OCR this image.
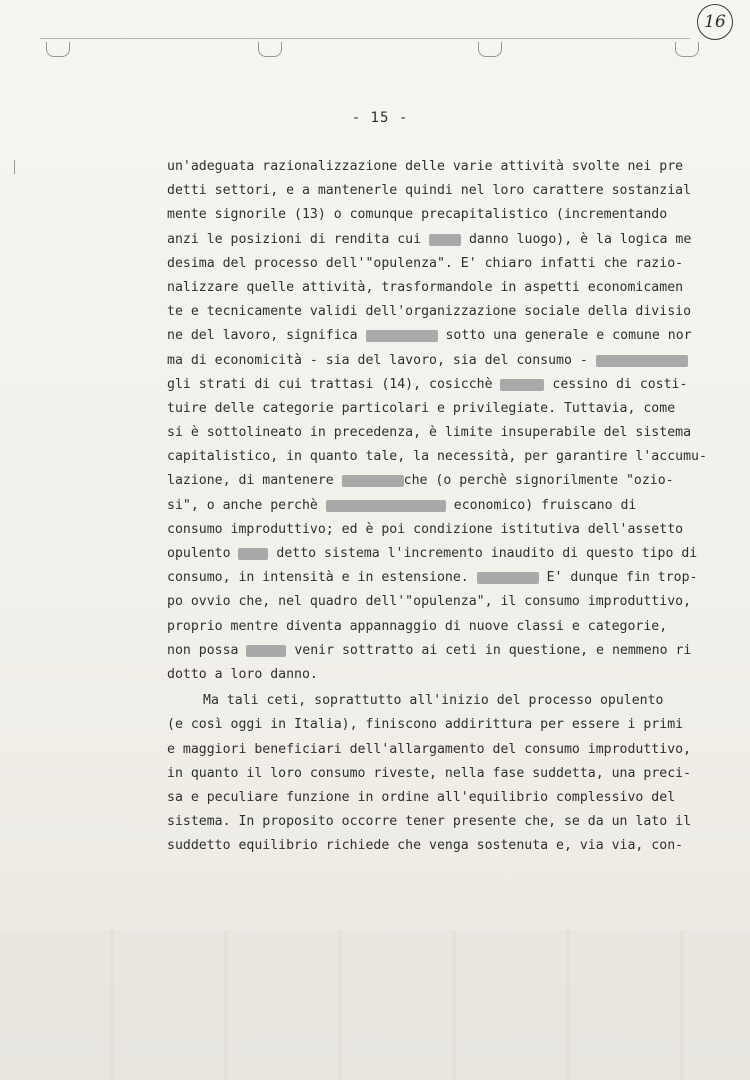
16
- 15 -
un'adeguata razionalizzazione delle varie attività svolte nei pre
detti settori, e a mantenerle quindi nel loro carattere sostanzial
mente signorile (13) o comunque precapitalistico (incrementando
anzi le posizioni di rendita cui	danno luogo), è la logica me
desima del processo dell'"opulenza". E' chiaro infatti che razio-
nalizzare quelle attività, trasformandole in aspetti economicamen
te e tecnicamente validi dell'organizzazione sociale della divisio
ne del lavoro, significa	sotto una generale e comune nor
ma di economicità - sia del lavoro, sia del consumo -
gli strati di cui trattasi (14), cosicchè	cessino di costi-
tuire delle categorie particolari e privilegiate. Tuttavia, come
si è sottolineato in precedenza, è limite insuperabile del sistema
capitalistico, in quanto tale, la necessità, per garantire l'accumu-
lazione, di mantenere	che (o perchè signorilmente "ozio-
si", o anche perchè	economico) fruiscano di
consumo improduttivo; ed è poi condizione istitutiva dell'assetto
opulento	detto sistema l'incremento inaudito di questo tipo di
consumo, in intensità e in estensione.	E' dunque fin trop-
po ovvio che, nel quadro dell'"opulenza", il consumo improduttivo,
proprio mentre diventa appannaggio di nuove classi e categorie,
non possa	venir sottratto ai ceti in questione, e nemmeno ri
dotto a loro danno.
Ma tali ceti, soprattutto all'inizio del processo opulento
(e così oggi in Italia), finiscono addirittura per essere i primi
e maggiori beneficiari dell'allargamento del consumo improduttivo,
in quanto il loro consumo riveste, nella fase suddetta, una preci-
sa e peculiare funzione in ordine all'equilibrio complessivo del
sistema. In proposito occorre tener presente che, se da un lato il
suddetto equilibrio richiede che venga sostenuta e, via via, con-
